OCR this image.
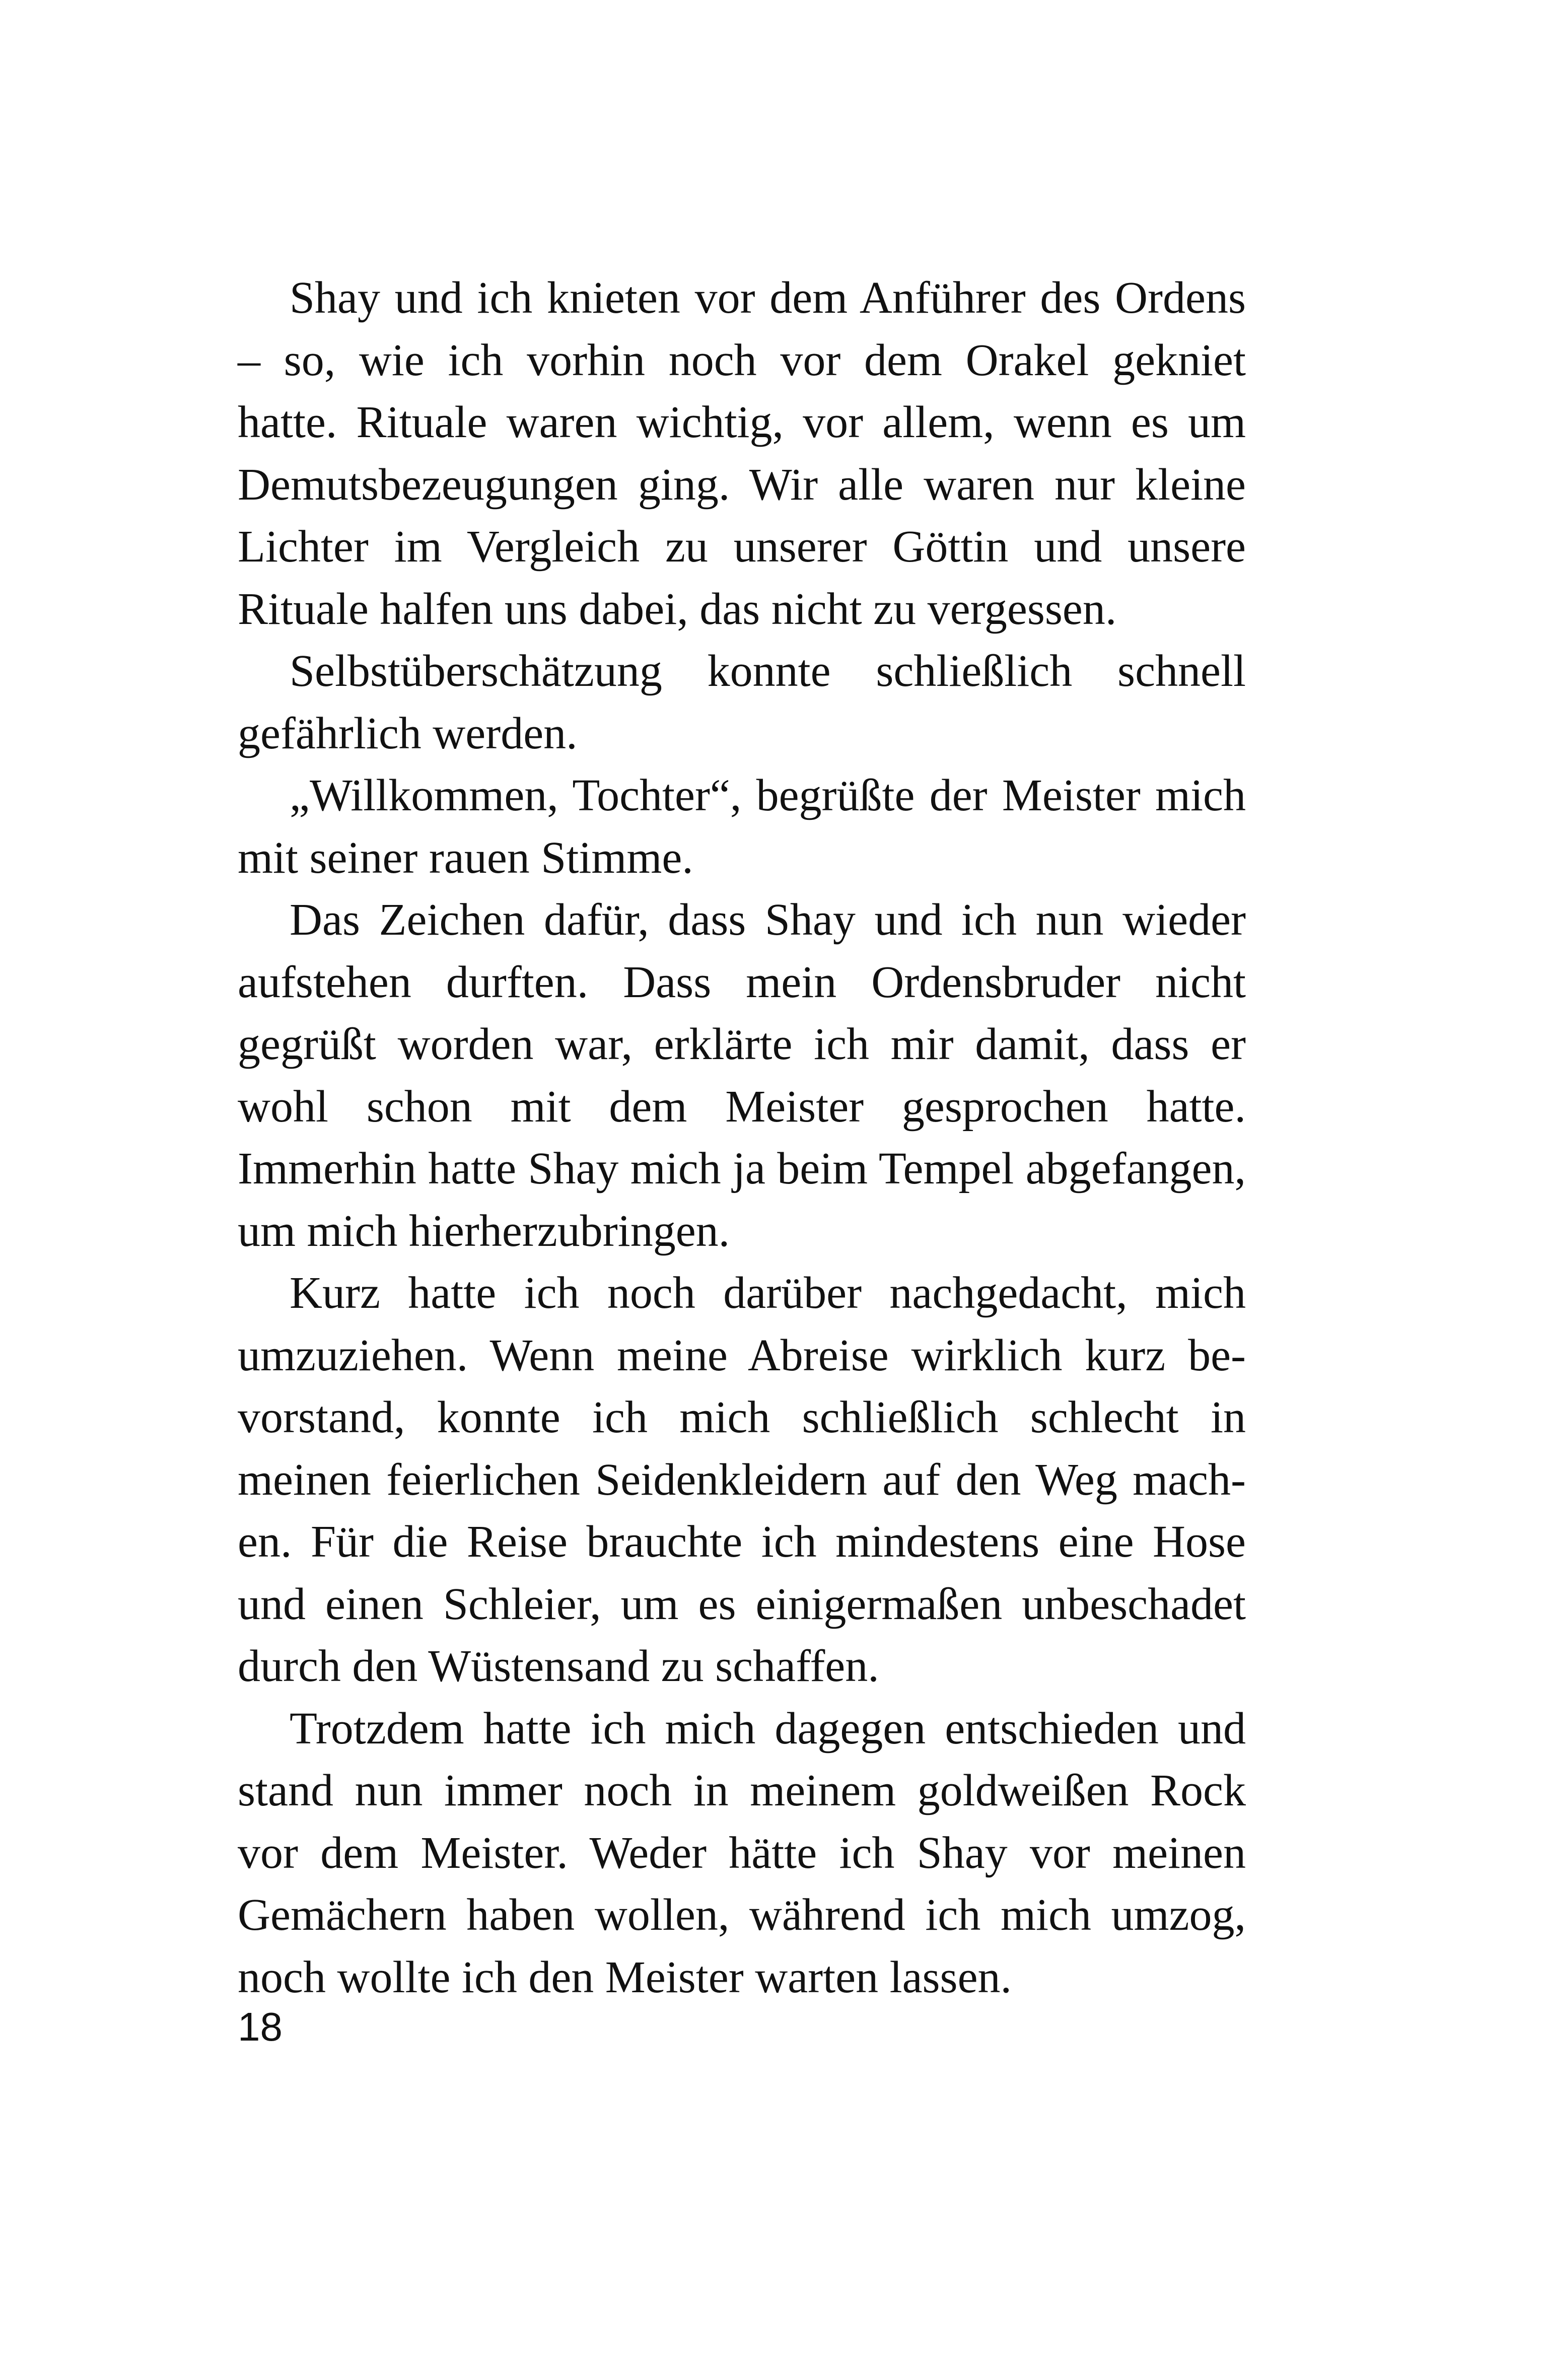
Shay und ich knieten vor dem Anführer des Ordens – so, wie ich vorhin noch vor dem Orakel gekniet hatte. Rituale waren wichtig, vor allem, wenn es um Demutsbezeugungen ging. Wir alle waren nur kleine Lichter im Vergleich zu unserer Göttin und unsere Rituale halfen uns dabei, das nicht zu vergessen.

Selbstüberschätzung konnte schließlich schnell gefährlich werden.

„Willkommen, Tochter“, begrüßte der Meister mich mit seiner rauen Stimme.

Das Zeichen dafür, dass Shay und ich nun wieder aufstehen durften. Dass mein Ordensbruder nicht gegrüßt worden war, erklärte ich mir damit, dass er wohl schon mit dem Meister gesprochen hatte. Immerhin hatte Shay mich ja beim Tempel abgefangen, um mich hierherzubringen.

Kurz hatte ich noch darüber nachgedacht, mich umzuziehen. Wenn meine Abreise wirklich kurz bevorstand, konnte ich mich schließlich schlecht in meinen feierlichen Seidenkleidern auf den Weg machen. Für die Reise brauchte ich mindestens eine Hose und einen Schleier, um es einigermaßen unbeschadet durch den Wüstensand zu schaffen.

Trotzdem hatte ich mich dagegen entschieden und stand nun immer noch in meinem goldweißen Rock vor dem Meister. Weder hätte ich Shay vor meinen Gemächern haben wollen, während ich mich umzog, noch wollte ich den Meister warten lassen.

18
